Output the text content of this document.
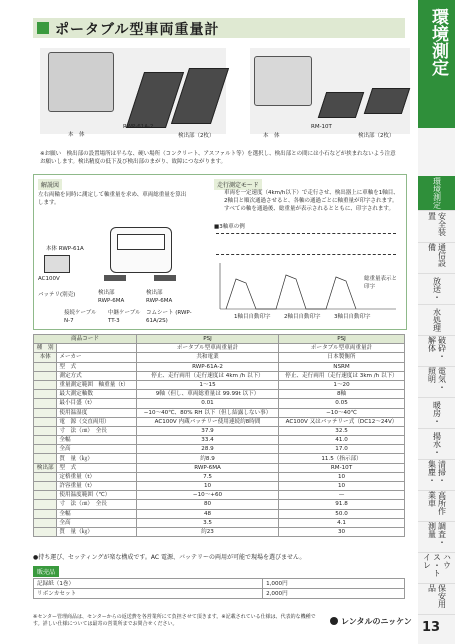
ポータブル型車両重量計
本　体
RWP-61A-2
検出部（2枚）	本　体
RM-10T
検出部（2枚）
※お願い　検出部の設置場所は平らな、硬い場所（コンクリート、アスファルト等）を選択し、検出部との間には小石などが挟まれないよう注意お願いします。検出精度の低下及び検出部のまがり、故障につながります。
解説図
左右両輪を同時に測定して軸重量を求め、車両総重量を算出します。
走行測定モード
車両を一定速度（4km/h以下）で走行させ、検出器上に車軸を1軸目、2軸目と順次通過させると、各軸の通過ごとに軸重量が印字されます。すべての軸を通過後、総重量が表示されるとともに、印字されます。
■3軸車の例
本体 RWP-61A
AC100V
バッテリ(別売)	検出部 RWP-6MA
検出部 RWP-6MA
接続ケーブル N-7
中継ケーブル TT-3
コムシート (RWP-61A/2S)
1軸目自動印字 2軸目自動印字 3軸目自動印字
総重量表示と印字
商品コード		PSJ	PSJ
種　別		ポータブル型車両重量計	ポータブル型車両重量計
本体	メーカー	共和電業	日本製衡所
	型　式	RWP-61A-2	NSRM
	測定方式	停止、走行両用（走行速度は 4km /h 以下）	停止、走行両用（走行速度は 3km /h 以下）
	重量測定範囲　軸重量（t）	1～15	1～20
	最大測定軸数	9軸（但し、車両総重量は 99.99t 以下）	8軸
	最小目盛（t）	0.01	0.05
	使用温湿度	−10～40℃、80% RH 以下（但し結露しない事）	−10～40℃
	電　源（交直両用）	AC100V 内蔵バッテリー使用連続約8時間	AC100V 又はバッテリー式（DC12～24V）
	寸　法（㎝）　全長	37.9	32.5
	全幅	33.4	41.0
	全高	28.9	17.0
	質　量（㎏）	約8.9	11.5（指示部）
検出部	型　式	RWP-6MA	RM-10T
	定格重量（t）	7.5	10
	許容重量（t）	10	10
	使用温度範囲（℃）	−10～+60	—
	寸　法（㎝）　全長	80	91.8
	全幅	48	50.0
	全高	3.5	4.1
	質　量（㎏）	約23	30
●持ち運び、セッティングが楽な構成です。AC 電源、バッテリーの両用が可能で現場を選びません。
販売品
記録紙（1巻）	1,000円
リボンカセット	2,000円
※センター管理商品は、センターからの返送費を各営業所にて負担させて頂きます。※記載されている仕様は、代表的な機種です。詳しい仕様については最寄の営業所までお問合せください。	レンタルのニッケン
環境測定
安全装置
通信設備
放送・
水処理
破砕・解体
電気・照明
暖房・
揚水・
清掃・集塵・
高所作業車
調査・測量
ハウス・トイレ
保安用品
環境測定
13
